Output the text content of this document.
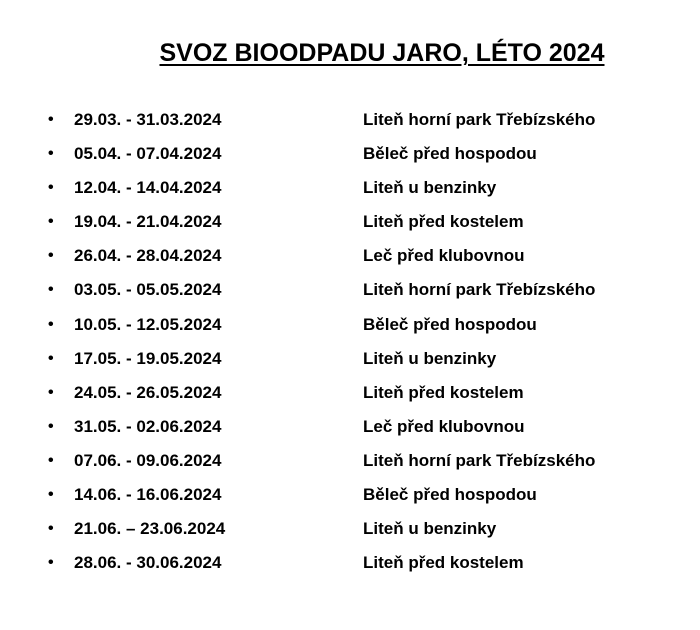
SVOZ BIOODPADU JARO, LÉTO 2024
• 29.03. - 31.03.2024	Liteň horní park Třebízského
• 05.04. - 07.04.2024	Běleč před hospodou
• 12.04. - 14.04.2024	Liteň u benzinky
• 19.04. - 21.04.2024	Liteň před kostelem
• 26.04. - 28.04.2024	Leč před klubovnou
• 03.05. - 05.05.2024	Liteň horní park Třebízského
• 10.05. - 12.05.2024	Běleč před hospodou
• 17.05. - 19.05.2024	Liteň u benzinky
• 24.05. - 26.05.2024	Liteň před kostelem
• 31.05. - 02.06.2024	Leč před klubovnou
• 07.06. - 09.06.2024	Liteň horní park Třebízského
• 14.06. - 16.06.2024	Běleč před hospodou
• 21.06. – 23.06.2024	Liteň u benzinky
• 28.06. - 30.06.2024	Liteň před kostelem
